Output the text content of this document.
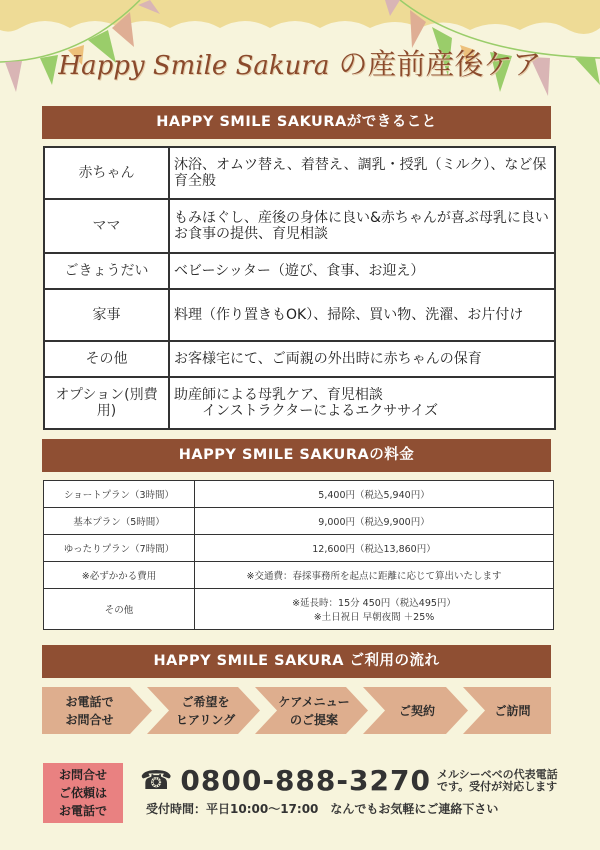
Happy Smile Sakura の産前産後ケア
HAPPY SMILE SAKURAができること
赤ちゃん	沐浴、オムツ替え、着替え、調乳・授乳（ミルク）、など保育全般
ママ	もみほぐし、産後の身体に良い&赤ちゃんが喜ぶ母乳に良いお食事の提供、育児相談
ごきょうだい	ベビーシッター（遊び、食事、お迎え）
家事	料理（作り置きもOK）、掃除、買い物、洗濯、お片付け
その他	お客様宅にて、ご両親の外出時に赤ちゃんの保育
オプション(別費用)	助産師による母乳ケア、育児相談
インストラクターによるエクササイズ
HAPPY SMILE SAKURAの料金
ショートプラン（3時間）	5,400円（税込5,940円）
基本プラン（5時間）	9,000円（税込9,900円）
ゆったりプラン（7時間）	12,600円（税込13,860円）
※必ずかかる費用	※交通費：春採事務所を起点に距離に応じて算出いたします
その他	※延長時：15分 450円（税込495円）
※土日祝日 早朝夜間 ＋25%
HAPPY SMILE SAKURA ご利用の流れ
お電話で
お問合せ
ご希望を
ヒアリング
ケアメニュー
のご提案
ご契約	ご訪問
お問合せ
ご依頼は
お電話で
☎ 0800-888-3270 メルシーベベの代表電話
です。受付が対応します
受付時間：平日10:00〜17:00　なんでもお気軽にご連絡下さい
